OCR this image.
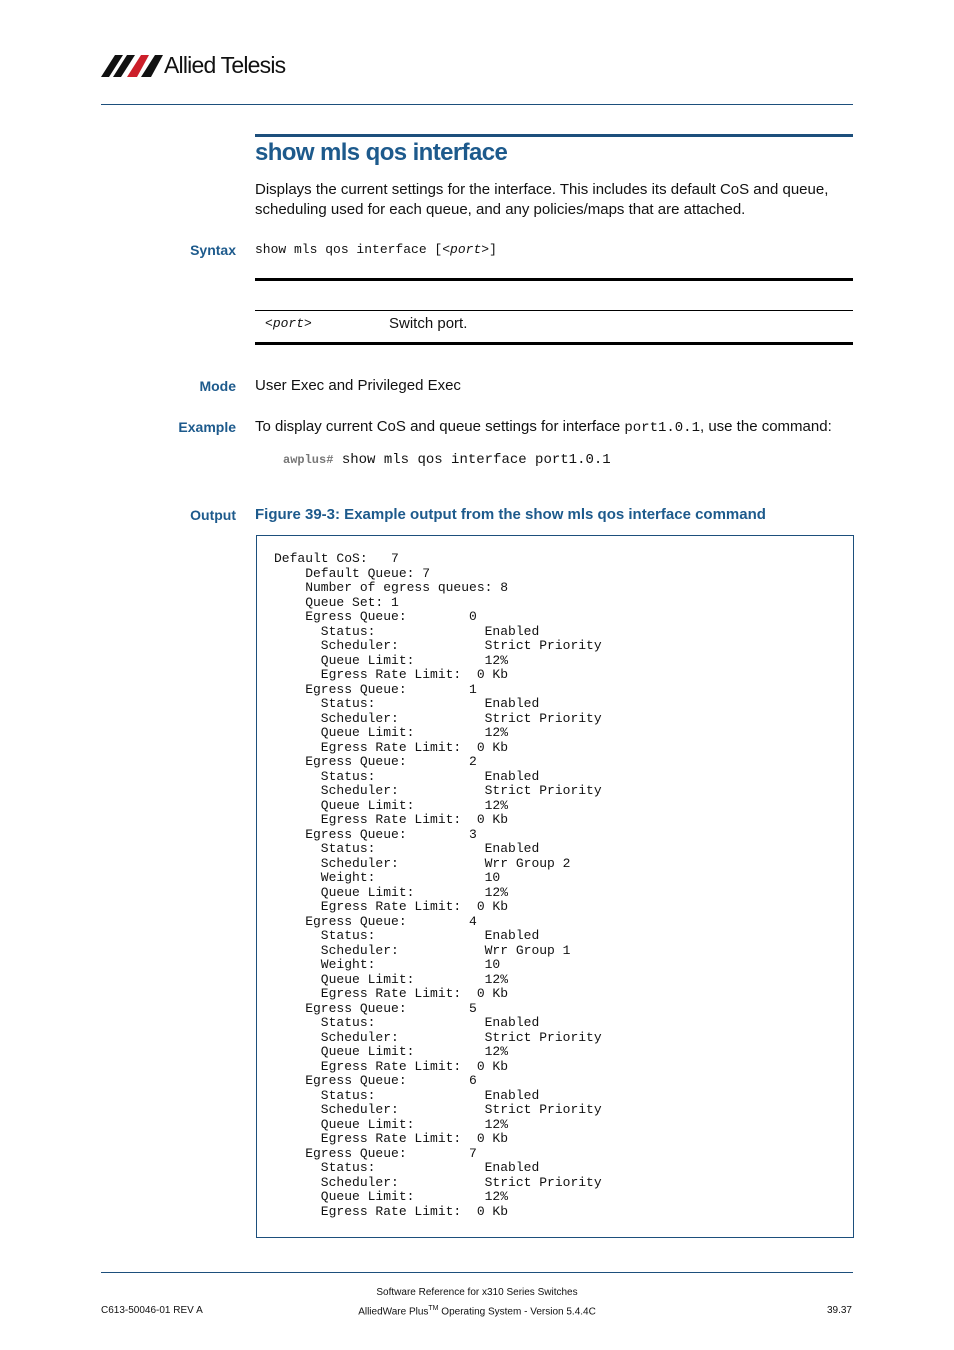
Allied Telesis
show mls qos interface
Displays the current settings for the interface. This includes its default CoS and queue, scheduling used for each queue, and any policies/maps that are attached.
Syntax show mls qos interface [<port>]
<port>	Switch port.
Mode User Exec and Privileged Exec
Example To display current CoS and queue settings for interface port1.0.1, use the command:
awplus# show mls qos interface port1.0.1
Output Figure 39-3: Example output from the show mls qos interface command
Default CoS:   7
Default Queue: 7
Number of egress queues: 8
Queue Set: 1
Egress Queue:        0
Status:              Enabled
Scheduler:           Strict Priority
Queue Limit:         12%
Egress Rate Limit:  0 Kb
Egress Queue:        1
Status:              Enabled
Scheduler:           Strict Priority
Queue Limit:         12%
Egress Rate Limit:  0 Kb
Egress Queue:        2
Status:              Enabled
Scheduler:           Strict Priority
Queue Limit:         12%
Egress Rate Limit:  0 Kb
Egress Queue:        3
Status:              Enabled
Scheduler:           Wrr Group 2
Weight:              10
Queue Limit:         12%
Egress Rate Limit:  0 Kb
Egress Queue:        4
Status:              Enabled
Scheduler:           Wrr Group 1
Weight:              10
Queue Limit:         12%
Egress Rate Limit:  0 Kb
Egress Queue:        5
Status:              Enabled
Scheduler:           Strict Priority
Queue Limit:         12%
Egress Rate Limit:  0 Kb
Egress Queue:        6
Status:              Enabled
Scheduler:           Strict Priority
Queue Limit:         12%
Egress Rate Limit:  0 Kb
Egress Queue:        7
Status:              Enabled
Scheduler:           Strict Priority
Queue Limit:         12%
Egress Rate Limit:  0 Kb
Software Reference for x310 Series Switches
C613-50046-01 REV A	AlliedWare Plus™ Operating System - Version 5.4.4C	39.37
